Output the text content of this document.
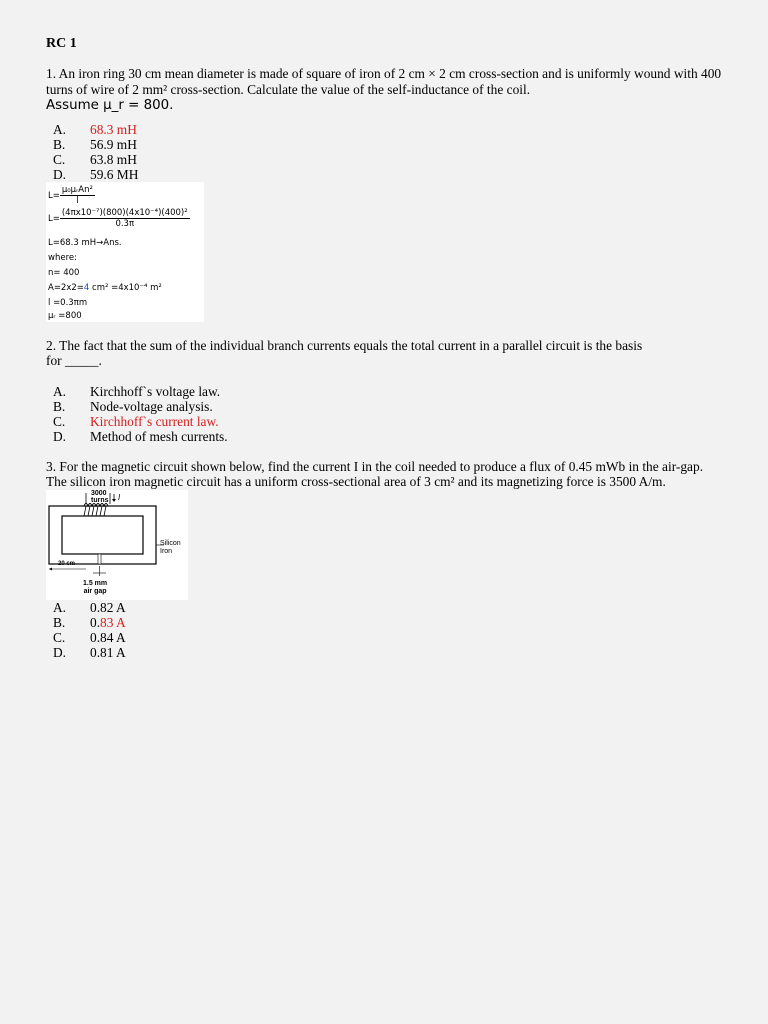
RC 1

1. An iron ring 30 cm mean diameter is made of square of iron of 2 cm × 2 cm cross-section and is uniformly wound with 400 turns of wire of 2 mm² cross-section. Calculate the value of the self-inductance of the coil.
Assume μ_r = 800.

A.	68.3 mH
B.	56.9 mH
C.	63.8 mH
D.	59.6 MH
$L= \frac{\text{μ₀μᵣAn²}}{l}$
$L= \frac{\text{(4πx10⁻⁷)(800)(4x10⁻⁴)(400)²}}{0.3\pi}$
L=68.3 mH→Ans.
where:
n= 400
A=2x2=4 cm² =4x10⁻⁴ m²
l =0.3πm
μᵣ =800

2. The fact that the sum of the individual branch currents equals the total current in a parallel circuit is the basis
for _____.

A.	Kirchhoff`s voltage law.
B.	Node-voltage analysis.
C.	Kirchhoff`s current law.
D.	Method of mesh currents.

3. For the magnetic circuit shown below, find the current I in the coil needed to produce a flux of 0.45 mWb in the air-gap. The silicon iron magnetic circuit has a uniform cross-sectional area of 3 cm² and its magnetizing force is 3500 A/m.

3000
turns I
Silicon
Iron
20 cm
1.5 mm
air gap
A.	0.82 A
B.	0.83 A
C.	0.84 A
D.	0.81 A
